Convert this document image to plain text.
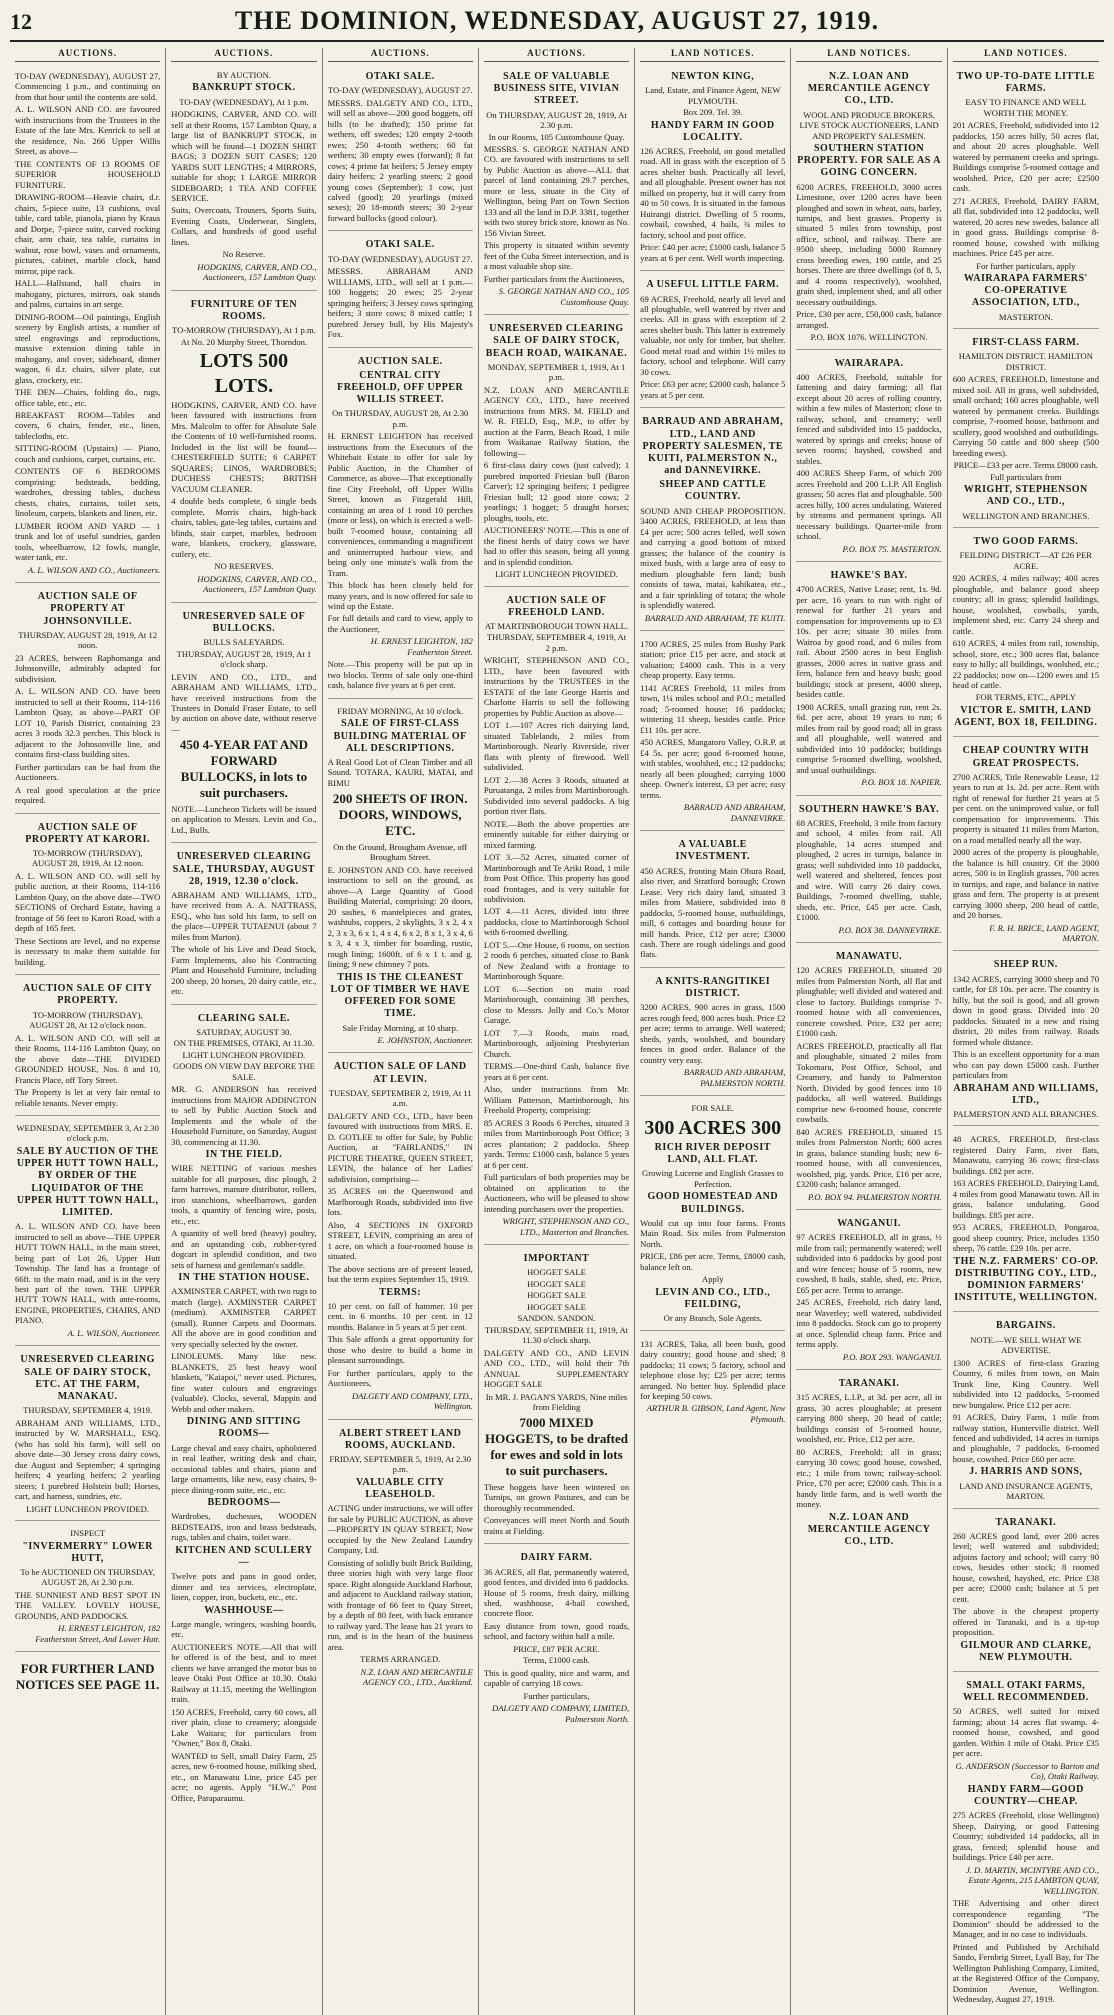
12	THE DOMINION, WEDNESDAY, AUGUST 27, 1919.
AUCTIONS.
TO-DAY (WEDNESDAY), AUGUST 27, Commencing 1 p.m., and continuing on from that hour until the contents are sold.
A. L. WILSON AND CO. are favoured with instructions from the Trustees in the Estate of the late Mrs. Kenrick to sell at the residence, No. 266 Upper Willis Street, as above—
THE CONTENTS OF 13 ROOMS OF SUPERIOR HOUSEHOLD FURNITURE.
DRAWING-ROOM—Heavie chairs, d.r. chairs, 5-piece suite, 13 cushions, oval table, card table, pianola, piano by Kraus and Dorpe, 7-piece suite, carved rocking chair, arm chair, tea table, curtains in walnut, rose bowl, vases and ornaments, pictures, cabinet, marble clock, hand mirror, pipe rack.
HALL—Hallstand, hall chairs in mahogany, pictures, mirrors, oak stands and palms, curtains in art serge.
DINING-ROOM—Oil paintings, English scenery by English artists, a number of steel engravings and reproductions, massive extension dining table in mahogany, and cover, sideboard, dinner wagon, 6 d.r. chairs, silver plate, cut glass, crockery, etc.
THE DEN—Chairs, folding do., rugs, office table, etc., etc.
BREAKFAST ROOM—Tables and covers, 6 chairs, fender, etc., linen, tablecloths, etc.
SITTING-ROOM (Upstairs) — Piano, couch and cushions, carpet, curtains, etc.
CONTENTS OF 6 BEDROOMS comprising: bedsteads, bedding, wardrobes, dressing tables, duchess chests, chairs, curtains, toilet sets, linoleum, carpets, blankets and linen, etc.
LUMBER ROOM AND YARD — 1 trunk and lot of useful sundries, garden tools, wheelbarrow, 12 fowls, mangle, water tank, etc.
A. L. WILSON AND CO., Auctioneers.
AUCTION SALE OF PROPERTY AT JOHNSONVILLE.
THURSDAY, AUGUST 28, 1919, At 12 noon.
23 ACRES, between Raphomanga and Johnsonville, admirably adapted for subdivision.
A. L. WILSON AND CO. have been instructed to sell at their Rooms, 114-116 Lambton Quay, as above—PART OF LOT 10, Parish District, containing 23 acres 3 roods 32.3 perches. This block is adjacent to the Johnsonville line, and contains first-class building sites.
Further particulars can be had from the Auctioneers.
A real good speculation at the price required.
AUCTION SALE OF PROPERTY AT KARORI.
TO-MORROW (THURSDAY), AUGUST 28, 1919, At 12 noon.
A. L. WILSON AND CO. will sell by public auction, at their Rooms, 114-116 Lambton Quay, on the above date—TWO SECTIONS of Orchard Estate, having a frontage of 56 feet to Karori Road, with a depth of 165 feet.
These Sections are level, and no expense is necessary to make them suitable for building.
AUCTION SALE OF CITY PROPERTY.
TO-MORROW (THURSDAY), AUGUST 28, At 12 o'clock noon.
A. L. WILSON AND CO. will sell at their Rooms, 114-116 Lambton Quay, on the above date—THE DIVIDED GROUNDED HOUSE, Nos. 8 and 10, Francis Place, off Tory Street.
The Property is let at very fair rental to reliable tenants. Never empty.
WEDNESDAY, SEPTEMBER 3, At 2.30 o'clock p.m.
SALE BY AUCTION OF THE UPPER HUTT TOWN HALL, BY ORDER OF THE LIQUIDATOR OF THE UPPER HUTT TOWN HALL, LIMITED.
A. L. WILSON AND CO. have been instructed to sell as above—THE UPPER HUTT TOWN HALL, in the main street, being part of Lot 26, Upper Hutt Township. The land has a frontage of 66ft. to the main road, and is in the very best part of the town. THE UPPER HUTT TOWN HALL, with ante-rooms, ENGINE, PROPERTIES, CHAIRS, AND PIANO.
A. L. WILSON, Auctioneer.
UNRESERVED CLEARING SALE OF DAIRY STOCK, ETC. AT THE FARM, MANAKAU.
THURSDAY, SEPTEMBER 4, 1919.
ABRAHAM AND WILLIAMS, LTD., instructed by W. MARSHALL, ESQ. (who has sold his farm), will sell on above date—30 Jersey cross dairy cows, due August and September; 4 springing heifers; 4 yearling heifers; 2 yearling steers; 1 purebred Holstein bull; Horses, cart, and harness, sundries, etc.
LIGHT LUNCHEON PROVIDED.
INSPECT
"INVERMERRY" LOWER HUTT,
To be AUCTIONED ON THURSDAY, AUGUST 28, At 2.30 p.m.
THE SUNNIEST AND BEST SPOT IN THE VALLEY. LOVELY HOUSE, GROUNDS, AND PADDOCKS.
H. ERNEST LEIGHTON, 182 Featherston Street, And Lower Hutt.
FOR FURTHER LAND NOTICES SEE PAGE 11.
AUCTIONS.
BY AUCTION.
BANKRUPT STOCK.
TO-DAY (WEDNESDAY), At 1 p.m.
HODGKINS, CARVER, AND CO. will sell at their Rooms, 157 Lambton Quay, a large list of BANKRUPT STOCK, in which will be found—1 DOZEN SHIRT BAGS; 3 DOZEN SUIT CASES; 120 YARDS SUIT LENGTHS; 4 MIRRORS, suitable for shop; 1 LARGE MIRROR SIDEBOARD; 1 TEA AND COFFEE SERVICE.
Suits, Overcoats, Trousers, Sports Suits, Evening Coats, Underwear, Singlets, Collars, and hundreds of good useful lines.
No Reserve.
HODGKINS, CARVER, AND CO., Auctioneers, 157 Lambton Quay.
FURNITURE OF TEN ROOMS.
TO-MORROW (THURSDAY), At 1 p.m.
At No. 20 Murphy Street, Thorndon.
LOTS 500 LOTS.
HODGKINS, CARVER, AND CO. have been favoured with instructions from Mrs. Malcolm to offer for Absolute Sale the Contents of 10 well-furnished rooms. Included in the list will be found—CHESTERFIELD SUITE; 6 CARPET SQUARES; LINOS, WARDROBES; DUCHESS CHESTS; BRITISH VACUUM CLEANER.
4 double beds complete, 6 single beds complete, Morris chairs, high-back chairs, tables, gate-leg tables, curtains and blinds, stair carpet, marbles, bedroom ware, blankets, crockery, glassware, cutlery, etc.
NO RESERVES.
HODGKINS, CARVER, AND CO., Auctioneers, 157 Lambton Quay.
UNRESERVED SALE OF BULLOCKS.
BULLS SALEYARDS.
THURSDAY, AUGUST 28, 1919, At 1 o'clock sharp.
LEVIN AND CO., LTD., and ABRAHAM AND WILLIAMS, LTD., have received instructions from the Trustees in Donald Fraser Estate, to sell by auction on above date, without reserve—
450 4-YEAR FAT AND FORWARD BULLOCKS, in lots to suit purchasers.
NOTE.—Luncheon Tickets will be issued on application to Messrs. Levin and Co., Ltd., Bulls.
UNRESERVED CLEARING SALE, THURSDAY, AUGUST 28, 1919, 12.30 o'clock.
ABRAHAM AND WILLIAMS, LTD., have received from A. A. NATTRASS, ESQ., who has sold his farm, to sell on the place—UPPER TUTAENUI (about 7 miles from Marton).
The whole of his Live and Dead Stock, Farm Implements, also his Contracting Plant and Household Furniture, including 200 sheep, 20 horses, 20 dairy cattle, etc., etc.
CLEARING SALE.
SATURDAY, AUGUST 30.
ON THE PREMISES, OTAKI, At 11.30.
LIGHT LUNCHEON PROVIDED.
GOODS ON VIEW DAY BEFORE THE SALE.
MR. G. ANDERSON has received instructions from MAJOR ADDINGTON to sell by Public Auction Stock and Implements and the whole of the Household Furniture, on Saturday, August 30, commencing at 11.30.
IN THE FIELD.
WIRE NETTING of various meshes suitable for all purposes, disc plough, 2 farm harrows, manure distributor, rollers, iron stanchions, wheelbarrows, garden tools, a quantity of fencing wire, posts, etc., etc.
A quantity of well bred (heavy) poultry, and an upstanding cob, rubber-tyred dogcart in splendid condition, and two sets of harness and gentleman's saddle.
IN THE STATION HOUSE.
AXMINSTER CARPET, with two rugs to match (large). AXMINSTER CARPET (medium). AXMINSTER CARPET (small). Runner Carpets and Doormats. All the above are in good condition and very specially selected by the owner.
LINOLEUMS. Many like new. BLANKETS, 25 best heavy wool blankets, "Kaiapoi," never used. Pictures, fine water colours and engravings (valuable). Clocks, several, Mappin and Webb and other makers.
DINING AND SITTING ROOMS—
Large cheval and easy chairs, upholstered in real leather, writing desk and chair, occasional tables and chairs, piano and large ornaments, like new, easy chairs, 9-piece dining-room suite, etc., etc.
BEDROOMS—
Wardrobes, duchesses, WOODEN BEDSTEADS, iron and brass bedsteads, rugs, tables and chairs, toilet ware.
KITCHEN AND SCULLERY—
Twelve pots and pans in good order, dinner and tea services, electroplate, linen, copper, iron, buckets, etc., etc.
WASHHOUSE—
Large mangle, wringers, washing boards, etc.
AUCTIONEER'S NOTE.—All that will be offered is of the best, and to meet clients we have arranged the motor bus to leave Otaki Post Office at 10.30. Otaki Railway at 11.15, meeting the Wellington train.
150 ACRES, Freehold, carry 60 cows, all river plain, close to creamery; alongside Lake Waitara; for particulars from "Owner," Box 8, Otaki.
WANTED to Sell, small Dairy Farm, 25 acres, new 6-roomed house, milking shed, etc., on Manawatu Line, price £45 per acre; no agents. Apply "H.W.," Post Office, Paraparaumu.
AUCTIONS.
OTAKI SALE.
TO-DAY (WEDNESDAY), AUGUST 27.
MESSRS. DALGETY AND CO., LTD., will sell as above—200 good hoggets, off hills (to be drafted); 150 prime fat wethers, off swedes; 120 empty 2-tooth ewes; 250 4-tooth wethers; 60 fat wethers; 30 empty ewes (forward); 8 fat cows; 4 prime fat heifers; 5 Jersey empty dairy heifers; 2 yearling steers; 2 good young cows (September); 1 cow, just calved (good); 20 yearlings (mixed sexes); 20 18-month steers; 30 2-year forward bullocks (good colour).
OTAKI SALE.
TO-DAY (WEDNESDAY), AUGUST 27.
MESSRS. ABRAHAM AND WILLIAMS, LTD., will sell at 1 p.m.—100 hoggets; 20 ewes; 25 2-year springing heifers; 3 Jersey cows springing heifers; 3 store cows; 8 mixed cattle; 1 purebred Jersey bull, by His Majesty's Fox.
AUCTION SALE.
CENTRAL CITY FREEHOLD, OFF UPPER WILLIS STREET.
On THURSDAY, AUGUST 28, At 2.30 p.m.
H. ERNEST LEIGHTON has received instructions from the Executors of the Whitebait Estate to offer for sale by Public Auction, in the Chamber of Commerce, as above—That exceptionally fine City Freehold, off Upper Willis Street, known as Fitzgerald Hill, containing an area of 1 rood 10 perches (more or less), on which is erected a well-built 7-roomed house, containing all conveniences, commanding a magnificent and uninterrupted harbour view, and being only one minute's walk from the Tram.
This block has been closely held for many years, and is now offered for sale to wind up the Estate.
For full details and card to view, apply to the Auctioneer,
H. ERNEST LEIGHTON, 182 Featherston Street.
Note.—This property will be put up in two blocks. Terms of sale only one-third cash, balance five years at 6 per cent.
FRIDAY MORNING, At 10 o'clock.
SALE OF FIRST-CLASS BUILDING MATERIAL OF ALL DESCRIPTIONS.
A Real Good Lot of Clean Timber and all Sound. TOTARA, KAURI, MATAI, and RIMU
200 SHEETS OF IRON. DOORS, WINDOWS, ETC.
On the Ground, Brougham Avenue, off Brougham Street.
E. JOHNSTON AND CO. have received instructions to sell on the ground, as above—A Large Quantity of Good Building Material, comprising: 20 doors, 20 sashes, 6 mantelpieces and grates, washtubs, coppers, 2 skylights, 3 x 2, 4 x 2, 3 x 3, 6 x 1, 4 x 4, 6 x 2, 8 x 1, 3 x 4, 6 x 3, 4 x 3, timber for boarding, rustic, rough lining; 1600ft. of 6 x 1 t. and g. lining; 9 new chimney 7 pots.
THIS IS THE CLEANEST LOT OF TIMBER WE HAVE OFFERED FOR SOME TIME.
Sale Friday Morning, at 10 sharp.
E. JOHNSTON, Auctioneer.
AUCTION SALE OF LAND AT LEVIN.
TUESDAY, SEPTEMBER 2, 1919, At 11 a.m.
DALGETY AND CO., LTD., have been favoured with instructions from MRS. E. D. GOTLEE to offer for Sale, by Public Auction, at "FAIRLANDS," IN PICTURE THEATRE, QUEEN STREET, LEVIN, the balance of her Ladies' subdivision, comprising—
35 ACRES on the Queenwood and Marlborough Roads, subdivided into five lots.
Also, 4 SECTIONS IN OXFORD STREET, LEVIN, comprising an area of 1 acre, on which a four-roomed house is situated.
The above sections are of present leased, but the term expires September 15, 1919.
TERMS:
10 per cent. on fall of hammer. 10 per cent. in 6 months. 10 per cent. in 12 months. Balance in 5 years at 5 per cent.
This Sale affords a great opportunity for those who desire to build a home in pleasant surroundings.
For further particulars, apply to the Auctioneers,
DALGETY AND COMPANY, LTD., Wellington.
ALBERT STREET LAND ROOMS, AUCKLAND.
FRIDAY, SEPTEMBER 5, 1919, At 2.30 p.m.
VALUABLE CITY LEASEHOLD.
ACTING under instructions, we will offer for sale by PUBLIC AUCTION, as above—PROPERTY IN QUAY STREET, Now occupied by the New Zealand Laundry Company, Ltd.
Consisting of solidly built Brick Building, three stories high with very large floor space. Right alongside Auckland Harbour, and adjacent to Auckland railway station, with frontage of 66 feet to Quay Street, by a depth of 80 feet, with back entrance to railway yard. The lease has 21 years to run, and is in the heart of the business area.
TERMS ARRANGED.
N.Z. LOAN AND MERCANTILE AGENCY CO., LTD., Auckland.
AUCTIONS.
SALE OF VALUABLE BUSINESS SITE, VIVIAN STREET.
On THURSDAY, AUGUST 28, 1919, At 2.30 p.m.
In our Rooms, 105 Customhouse Quay.
MESSRS. S. GEORGE NATHAN AND CO. are favoured with instructions to sell by Public Auction as above—ALL that parcel of land containing 29.7 perches, more or less, situate in the City of Wellington, being Part on Town Section 133 and all the land in D.P. 3381, together with two storey brick store, known as No. 156 Vivian Street.
This property is situated within seventy feet of the Cuba Street intersection, and is a most valuable shop site.
Further particulars from the Auctioneers,
S. GEORGE NATHAN AND CO., 105 Customhouse Quay.
UNRESERVED CLEARING SALE OF DAIRY STOCK, BEACH ROAD, WAIKANAE.
MONDAY, SEPTEMBER 1, 1919, At 1 p.m.
N.Z. LOAN AND MERCANTILE AGENCY CO., LTD., have received instructions from MRS. M. FIELD and W. R. FIELD, Esq., M.P., to offer by auction at the Farm, Beach Road, 1 mile from Waikanae Railway Station, the following—
6 first-class dairy cows (just calved); 1 purebred imported Friesian bull (Baron Carver); 12 springing heifers; 1 pedigree Friesian bull; 12 good store cows; 2 yearlings; 1 hogget; 5 draught horses; ploughs, tools, etc.
AUCTIONEERS' NOTE.—This is one of the finest herds of dairy cows we have had to offer this season, being all young and in splendid condition.
LIGHT LUNCHEON PROVIDED.
AUCTION SALE OF FREEHOLD LAND.
AT MARTINBOROUGH TOWN HALL.
THURSDAY, SEPTEMBER 4, 1919, At 2 p.m.
WRIGHT, STEPHENSON AND CO., LTD., have been favoured with instructions by the TRUSTEES in the ESTATE of the late George Harris and Charlotte Harris to sell the following properties by Public Auction as above—
LOT 1.—107 Acres rich dairying land, situated Tablelands, 2 miles from Martinborough. Nearly Riverside, river flats with plenty of firewood. Well subdivided.
LOT 2.—38 Acres 3 Roods, situated at Puruatanga, 2 miles from Martinborough. Subdivided into several paddocks. A big portion river flats.
NOTE.—Both the above properties are eminently suitable for either dairying or mixed farming.
LOT 3.—52 Acres, situated corner of Martinborough and Te Ariki Road, 1 mile from Post Office. This property has good road frontages, and is very suitable for subdivision.
LOT 4.—11 Acres, divided into three paddocks, close to Martinborough School with 6-roomed dwelling.
LOT 5.—One House, 6 rooms, on section 2 roods 6 perches, situated close to Bank of New Zealand with a frontage to Martinborough Square.
LOT 6.—Section on main road Martinborough, containing 38 perches, close to Messrs. Jolly and Co.'s Motor Garage.
LOT 7.—3 Roods, main road, Martinborough, adjoining Presbyterian Church.
TERMS.—One-third Cash, balance five years at 6 per cent.
Also, under instructions from Mr. William Patterson, Martinborough, his Freehold Property, comprising:
85 ACRES 3 Roods 6 Perches, situated 3 miles from Martinborough Post Office; 3 acres plantation; 2 paddocks. Sheep yards. Terms: £1000 cash, balance 5 years at 6 per cent.
Full particulars of both properties may be obtained on application to the Auctioneers, who will be pleased to show intending purchasers over the properties.
WRIGHT, STEPHENSON AND CO., LTD., Masterton and Branches.
IMPORTANT
HOGGET SALE
HOGGET SALE
HOGGET SALE
HOGGET SALE
SANDON. SANDON.
THURSDAY, SEPTEMBER 11, 1919, At 11.30 o'clock sharp.
DALGETY AND CO., AND LEVIN AND CO., LTD., will hold their 7th ANNUAL SUPPLEMENTARY HOGGET SALE
In MR. J. PAGAN'S YARDS, Nine miles from Fielding
7000 MIXED HOGGETS, to be drafted for ewes and sold in lots to suit purchasers.
These hoggets have been wintered on Turnips, on grown Pastures, and can be thoroughly recommended.
Conveyances will meet North and South trains at Fielding.
DAIRY FARM.
36 ACRES, all flat, permanently watered, good fences, and divided into 6 paddocks. House of 5 rooms, fresh dairy, milking shed, washhouse, 4-bail cowshed, concrete floor.
Easy distance from town, good roads, school, and factory within half a mile.
PRICE, £87 PER ACRE.
Terms, £1000 cash.
This is good quality, nice and warm, and capable of carrying 18 cows.
Further particulars,
DALGETY AND COMPANY, LIMITED, Palmerston North.
LAND NOTICES.
NEWTON KING,
Land, Estate, and Finance Agent, NEW PLYMOUTH.
Box 209. Tel. 39.
HANDY FARM IN GOOD LOCALITY.
126 ACRES, Freehold, on good metalled road. All in grass with the exception of 5 acres shelter bush. Practically all level, and all ploughable. Present owner has not milked on property, but it will carry from 40 to 50 cows. It is situated in the famous Huirangi district. Dwelling of 5 rooms, cowbail, cowshed, 4 bails, ¾ miles to factory, school and post office.
Price: £40 per acre; £1000 cash, balance 5 years at 6 per cent. Well worth inspecting.
A USEFUL LITTLE FARM.
69 ACRES, Freehold, nearly all level and all ploughable, well watered by river and creeks. All in grass with exception of 2 acres shelter bush. This latter is extremely valuable, not only for timber, but shelter. Good metal road and within 1½ miles to factory, school and telephone. Will carry 30 cows.
Price: £63 per acre; £2000 cash, balance 5 years at 5 per cent.
BARRAUD AND ABRAHAM, LTD., LAND AND PROPERTY SALESMEN, TE KUITI, PALMERSTON N., and DANNEVIRKE.
SHEEP AND CATTLE COUNTRY.
SOUND AND CHEAP PROPOSITION. 3400 ACRES, FREEHOLD, at less than £4 per acre; 500 acres felled, well sown and carrying a good bottom of mixed grasses; the balance of the country is mixed bush, with a large area of easy to medium ploughable fern land; bush consists of tawa, matai, kahikatea, etc., and a fair sprinkling of totara; the whole is splendidly watered.
BARRAUD AND ABRAHAM, TE KUITI.
1700 ACRES, 25 miles from Bushy Park station; price £15 per acre, and stock at valuation; £4000 cash. This is a very cheap property. Easy terms.
1141 ACRES Freehold, 11 miles from town, 1¼ miles school and P.O.; metalled road; 5-roomed house; 16 paddocks; wintering 11 sheep, besides cattle. Price £11 10s. per acre.
450 ACRES, Mangatoro Valley, O.R.P. at £4 5s. per acre; good 6-roomed house, with stables, woolshed, etc.; 12 paddocks; nearly all been ploughed; carrying 1000 sheep. Owner's interest, £3 per acre; easy terms.
BARRAUD AND ABRAHAM, DANNEVIRKE.
A VALUABLE INVESTMENT.
450 ACRES, fronting Main Ohura Road, also river, and Stratford borough; Crown Lease. Very rich dairy land, situated 3 miles from Matiere, subdivided into 8 paddocks, 5-roomed house, outbuildings, mill, 6 cottages and boarding house for mill hands. Price, £12 per acre; £3000 cash. There are rough sidelings and good flats.
A KNITS-RANGITIKEI DISTRICT.
3200 ACRES, 900 acres in grass, 1500 acres rough feed, 800 acres bush. Price £2 per acre; terms to arrange. Well watered; sheds, yards, woolshed, and boundary fences in good order. Balance of the country very easy.
BARRAUD AND ABRAHAM, PALMERSTON NORTH.
FOR SALE.
300 ACRES 300
RICH RIVER DEPOSIT LAND, ALL FLAT.
Growing Lucerne and English Grasses to Perfection.
GOOD HOMESTEAD AND BUILDINGS.
Would cut up into four farms. Fronts Main Road. Six miles from Palmerston North.
PRICE, £86 per acre. Terms, £8000 cash, balance left on.
Apply
LEVIN AND CO., LTD., FEILDING,
Or any Branch, Sole Agents.
131 ACRES, Taka, all been bush, good dairy country; good house and shed; 8 paddocks; 11 cows; 5 factory, school and telephone close by; £25 per acre; terms arranged. No better buy. Splendid place for keeping 50 cows.
ARTHUR B. GIBSON, Land Agent, New Plymouth.
LAND NOTICES.
N.Z. LOAN AND MERCANTILE AGENCY CO., LTD.
WOOL AND PRODUCE BROKERS, LIVE STOCK AUCTIONEERS, LAND AND PROPERTY SALESMEN.
SOUTHERN STATION PROPERTY. FOR SALE AS A GOING CONCERN.
6200 ACRES, FREEHOLD, 3000 acres Limestone, over 1200 acres have been ploughed and sown in wheat, oats, barley, turnips, and best grasses. Property is situated 5 miles from township, post office, school, and railway. There are 9500 sheep, including 5000 Romney cross breeding ewes, 190 cattle, and 25 horses. There are three dwellings (of 8, 5, and 4 rooms respectively), woolshed, grain shed, implement shed, and all other necessary outbuildings.
Price, £30 per acre, £50,000 cash, balance arranged.
P.O. BOX 1076. WELLINGTON.
WAIRARAPA.
400 ACRES, Freehold, suitable for fattening and dairy farming; all flat except about 20 acres of rolling country, within a few miles of Masterton; close to railway, school, and creamery; well fenced and subdivided into 15 paddocks, watered by springs and creeks; house of seven rooms; hayshed, cowshed and stables.
400 ACRES Sheep Farm, of which 200 acres Freehold and 200 L.I.P. All English grasses; 50 acres flat and ploughable. 500 acres hilly, 100 acres undulating. Watered by streams and permanent springs. All necessary buildings. Quarter-mile from school.
P.O. BOX 75. MASTERTON.
HAWKE'S BAY.
4700 ACRES, Native Lease; rent, 1s. 9d. per acre, 16 years to run with right of renewal for further 21 years and compensation for improvements up to £3 10s. per acre; situate 30 miles from Wairoa by good road, and 6 miles from rail. About 2500 acres in best English grasses, 2000 acres in native grass and fern, balance fern and heavy bush; good buildings; stock at present, 4000 sheep, besides cattle.
1900 ACRES, small grazing run, rent 2s. 6d. per acre, about 19 years to run; 6 miles from rail by good road; all in grass and all ploughable, well watered and subdivided into 10 paddocks; buildings comprise 5-roomed dwelling, woolshed, and usual outbuildings.
P.O. BOX 18. NAPIER.
SOUTHERN HAWKE'S BAY.
68 ACRES, Freehold, 3 mile from factory and school, 4 miles from rail. All ploughable, 14 acres stumped and ploughed, 2 acres in turnips, balance in grass; well subdivided into 10 paddocks, well watered and sheltered, fences post and wire. Will carry 26 dairy cows. Buildings, 7-roomed dwelling, stable, sheds, etc. Price, £45 per acre. Cash, £1000.
P.O. BOX 38. DANNEVIRKE.
MANAWATU.
120 ACRES FREEHOLD, situated 20 miles from Palmerston North, all flat and ploughable; well divided and watered and close to factory. Buildings comprise 7-roomed house with all conveniences, concrete cowshed. Price, £32 per acre; £1000 cash.
ACRES FREEHOLD, practically all flat and ploughable, situated 2 miles from Tokomaru, Post Office, School, and Creamery, and handy to Palmerston North. Divided by good fences into 10 paddocks, all well watered. Buildings comprise new 6-roomed house, concrete cowbails.
840 ACRES FREEHOLD, situated 15 miles from Palmerston North; 600 acres in grass, balance standing bush; new 6-roomed house, with all conveniences, woolshed, pig, yards. Price, £16 per acre, £3200 cash; balance arranged.
P.O. BOX 94. PALMERSTON NORTH.
WANGANUI.
97 ACRES FREEHOLD, all in grass, ½ mile from rail; permanently watered; well subdivided into 6 paddocks by good post and wire fences; house of 5 rooms, new cowshed, 8 bails, stable, shed, etc. Price, £65 per acre. Terms to arrange.
245 ACRES, Freehold, rich dairy land, near Waverley; well watered, subdivided into 8 paddocks. Stock can go to property at once. Splendid cheap farm. Price and terms apply.
P.O. BOX 293. WANGANUI.
TARANAKI.
315 ACRES, L.I.P., at 3d. per acre, all in grass, 30 acres ploughable; at present carrying 800 sheep, 20 head of cattle; buildings consist of 5-roomed house, woolshed, etc. Price, £12 per acre.
80 ACRES, Freehold; all in grass; carrying 30 cows; good house, cowshed, etc.; 1 mile from town; railway-school. Price, £70 per acre; £2000 cash. This is a handy little farm, and is well worth the money.
N.Z. LOAN AND MERCANTILE AGENCY CO., LTD.
LAND NOTICES.
TWO UP-TO-DATE LITTLE FARMS.
EASY TO FINANCE AND WELL WORTH THE MONEY.
201 ACRES, Freehold, subdivided into 12 paddocks, 150 acres hilly, 50 acres flat, and about 20 acres ploughable. Well watered by permanent creeks and springs. Buildings comprise 5-roomed cottage and woolshed. Price, £20 per acre; £2500 cash.
271 ACRES, Freehold, DAIRY FARM, all flat, subdivided into 12 paddocks, well watered, 20 acres new swedes, balance all in good grass. Buildings comprise 8-roomed house, cowshed with milking machines. Price £45 per acre.
For further particulars, apply
WAIRARAPA FARMERS' CO-OPERATIVE ASSOCIATION, LTD.,
MASTERTON.
FIRST-CLASS FARM.
HAMILTON DISTRICT. HAMILTON DISTRICT.
600 ACRES, FREEHOLD, limestone and mixed soil. All in grass, well subdivided, small orchard; 160 acres ploughable, well watered by permanent creeks. Buildings comprise, 7-roomed house, bathroom and scullery, good woolshed and outbuildings. Carrying 50 cattle and 800 sheep (500 breeding ewes).
PRICE—£33 per acre. Terms £8000 cash.
Full particulars from
WRIGHT, STEPHENSON AND CO., LTD.,
WELLINGTON AND BRANCHES.
TWO GOOD FARMS.
FEILDING DISTRICT—AT £26 PER ACRE.
920 ACRES, 4 miles railway; 400 acres ploughable, and balance good sheep country; all in grass; splendid buildings, house, woolshed, cowbails, yards, implement shed, etc. Carry 24 sheep and cattle.
610 ACRES, 4 miles from rail, township, school, store, etc.; 300 acres flat, balance easy to hilly; all buildings, woolshed, etc.; 22 paddocks; now on—1200 ewes and 15 head of cattle.
FOR TERMS, ETC., APPLY
VICTOR E. SMITH, LAND AGENT, BOX 18, FEILDING.
CHEAP COUNTRY WITH GREAT PROSPECTS.
2700 ACRES, Title Renewable Lease, 12 years to run at 1s. 2d. per acre. Rent with right of renewal for further 21 years at 5 per cent. on the unimproved value, or full compensation for improvements. This property is situated 11 miles from Marton, on a road metalled nearly all the way.
2000 acres of the property is ploughable, the balance is hill country. Of the 2000 acres, 500 is in English grasses, 700 acres in turnips, and rape, and balance in native grass and fern. The property is at present carrying 3000 sheep, 200 head of cattle, and 20 horses.
F. R. H. BRICE, LAND AGENT, MARTON.
SHEEP RUN.
1342 ACRES, carrying 3000 sheep and 70 cattle, for £8 10s. per acre. The country is hilly, but the soil is good, and all grown down in good grass. Divided into 20 paddocks. Situated in a new and rising district, 20 miles from railway. Roads formed whole distance.
This is an excellent opportunity for a man who can pay down £5000 cash. Further particulars from
ABRAHAM AND WILLIAMS, LTD.,
PALMERSTON AND ALL BRANCHES.
48 ACRES, FREEHOLD, first-class registered Dairy Farm, river flats, Manawatu, carrying 36 cows; first-class buildings. £82 per acre.
163 ACRES FREEHOLD, Dairying Land, 4 miles from good Manawatu town. All in grass, balance undulating. Good buildings. £85 per acre.
953 ACRES, FREEHOLD, Pongaroa, good sheep country. Price, includes 1350 sheep, 76 cattle. £29 10s. per acre.
THE N.Z. FARMERS' CO-OP. DISTRIBUTING COY., LTD., DOMINION FARMERS' INSTITUTE, WELLINGTON.
BARGAINS.
NOTE.—WE SELL WHAT WE ADVERTISE.
1300 ACRES of first-class Grazing Country, 6 miles from town, on Main Trunk line, King Country. Well subdivided into 12 paddocks, 5-roomed new bungalow. Price £12 per acre.
91 ACRES, Dairy Farm, 1 mile from railway station, Hunterville district. Well fenced and subdivided, 14 acres in turnips and ploughable, 7 paddocks, 6-roomed house, cowshed. Price £60 per acre.
J. HARRIS AND SONS,
LAND AND INSURANCE AGENTS, MARTON.
TARANAKI.
260 ACRES good land, over 200 acres level; well watered and subdivided; adjoins factory and school; will carry 90 cows, besides other stock; 8 roomed house, cowshed, hayshed, etc. Price £38 per acre; £2000 cash; balance at 5 per cent.
The above is the cheapest property offered in Taranaki, and is a tip-top proposition.
GILMOUR AND CLARKE, NEW PLYMOUTH.
SMALL OTAKI FARMS, WELL RECOMMENDED.
50 ACRES, well suited for mixed farming; about 14 acres flat swamp. 4-roomed house, cowshed, and good garden. Within 1 mile of Otaki. Price £35 per acre.
G. ANDERSON (Successor to Barton and Co), Otaki Railway.
HANDY FARM—GOOD COUNTRY—CHEAP.
275 ACRES (Freehold, close Wellington) Sheep, Dairying, or good Fattening Country; subdivided 14 paddocks, all in grass, fenced; splendid house and buildings. Price £40 per acre.
J. D. MARTIN, MCINTYRE AND CO., Estate Agents, 215 LAMBTON QUAY, WELLINGTON.
THE Advertising and other direct correspondence regarding "The Dominion" should be addressed to the Manager, and in no case to individuals.
Printed and Published by Archibald Sando, Fernbrig Street, Lyall Bay, for The Wellington Publishing Company, Limited, at the Registered Office of the Company, Dominion Avenue, Wellington. Wednesday, August 27, 1919.
